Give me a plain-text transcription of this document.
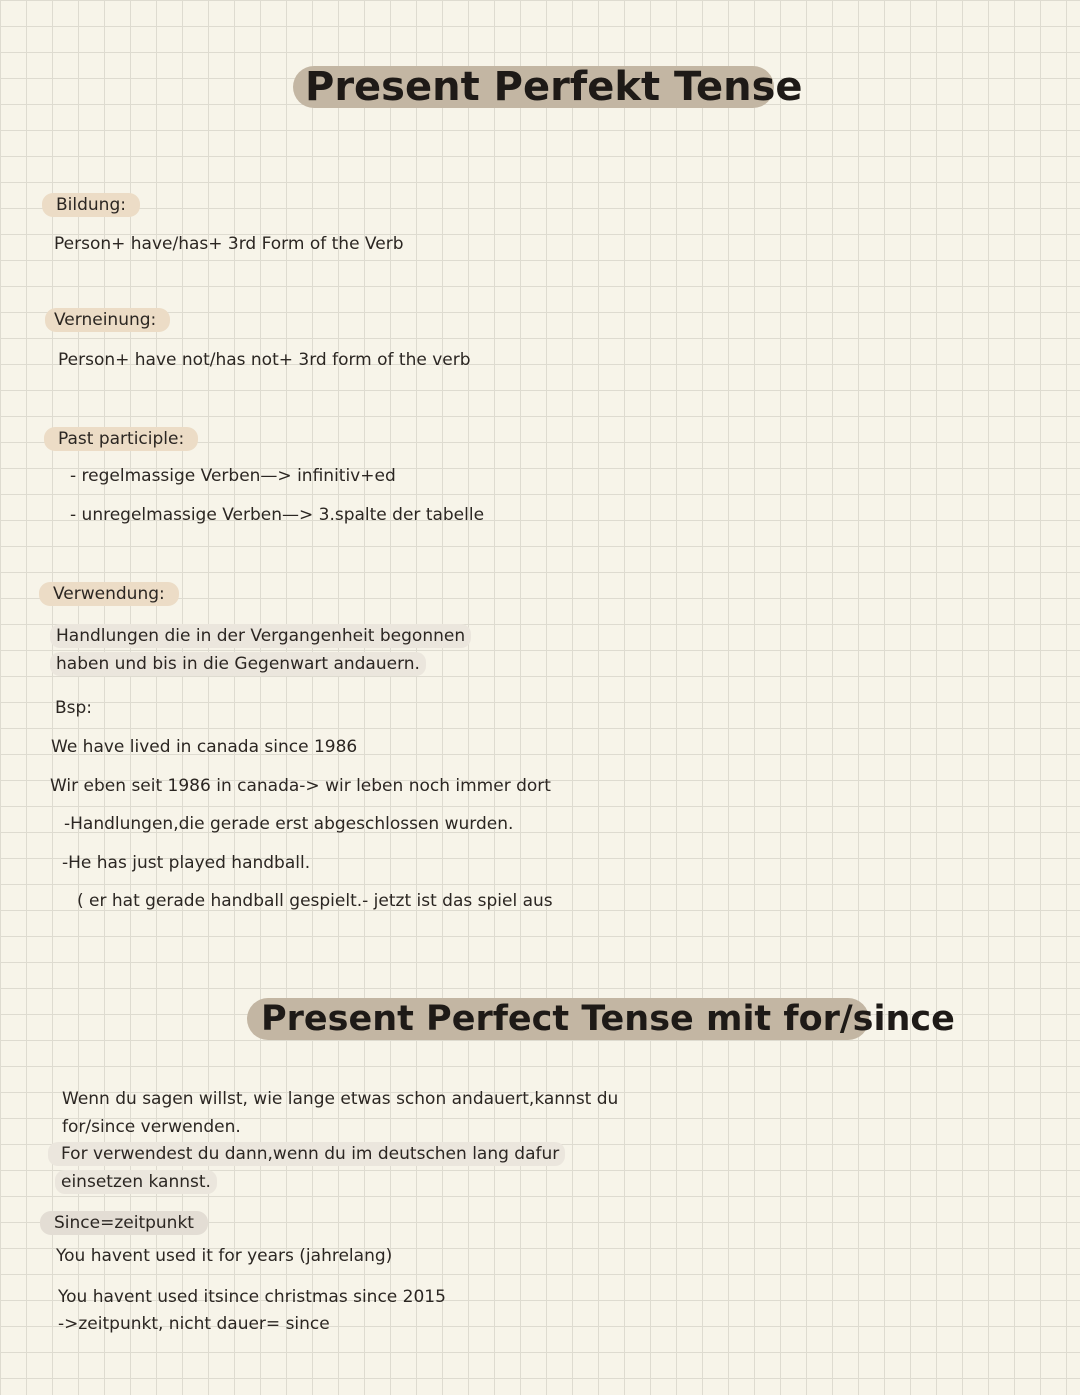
Present Perfekt Tense
Bildung:
Person+ have/has+ 3rd Form of the Verb
Verneinung:
Person+ have not/has not+ 3rd form of the verb
Past participle:
- regelmassige Verben—> infinitiv+ed
- unregelmassige Verben—> 3.spalte der tabelle
Verwendung:
Handlungen die in der Vergangenheit begonnen
haben und bis in die Gegenwart andauern.
Bsp:
We have lived in canada since 1986
Wir eben seit 1986 in canada-> wir leben noch immer dort
-Handlungen,die gerade erst abgeschlossen wurden.
-He has just played handball.
( er hat gerade handball gespielt.- jetzt ist das spiel aus
Present Perfect Tense mit for/since
Wenn du sagen willst, wie lange etwas schon andauert,kannst du
for/since verwenden.
For verwendest du dann,wenn du im deutschen lang dafur
einsetzen kannst.
Since=zeitpunkt
You havent used it for years (jahrelang)
You havent used itsince christmas since 2015
->zeitpunkt, nicht dauer= since
